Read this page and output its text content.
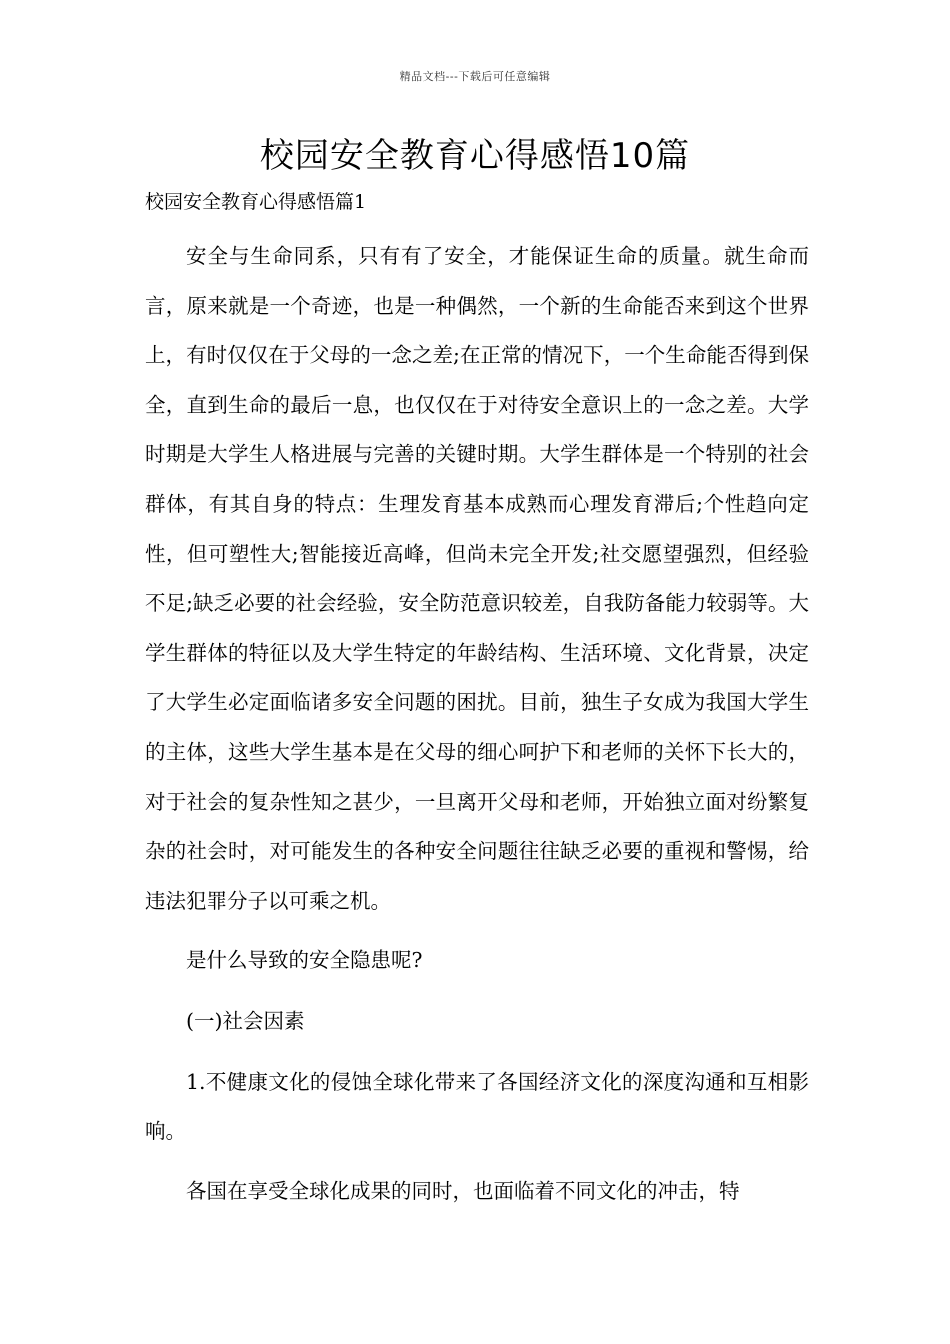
精品文档---下载后可任意编辑
校园安全教育心得感悟10篇
校园安全教育心得感悟篇1

安全与生命同系，只有有了安全，才能保证生命的质量。就生命而言，原来就是一个奇迹，也是一种偶然，一个新的生命能否来到这个世界上，有时仅仅在于父母的一念之差;在正常的情况下，一个生命能否得到保全，直到生命的最后一息，也仅仅在于对待安全意识上的一念之差。大学时期是大学生人格进展与完善的关键时期。大学生群体是一个特别的社会群体，有其自身的特点：生理发育基本成熟而心理发育滞后;个性趋向定性，但可塑性大;智能接近高峰，但尚未完全开发;社交愿望强烈，但经验不足;缺乏必要的社会经验，安全防范意识较差，自我防备能力较弱等。大学生群体的特征以及大学生特定的年龄结构、生活环境、文化背景，决定了大学生必定面临诸多安全问题的困扰。目前，独生子女成为我国大学生的主体，这些大学生基本是在父母的细心呵护下和老师的关怀下长大的，对于社会的复杂性知之甚少，一旦离开父母和老师，开始独立面对纷繁复杂的社会时，对可能发生的各种安全问题往往缺乏必要的重视和警惕，给违法犯罪分子以可乘之机。

是什么导致的安全隐患呢?

(一)社会因素

1.不健康文化的侵蚀全球化带来了各国经济文化的深度沟通和互相影响。

各国在享受全球化成果的同时，也面临着不同文化的冲击，特
